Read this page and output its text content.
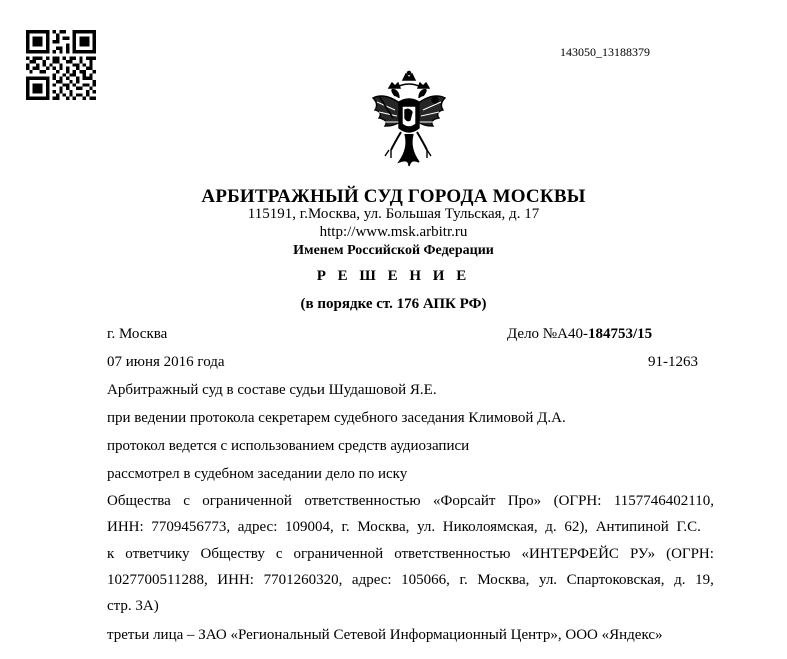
143050_13188379
АРБИТРАЖНЫЙ СУД ГОРОДА МОСКВЫ
115191, г.Москва, ул. Большая Тульская, д. 17
http://www.msk.arbitr.ru
Именем Российской Федерации
Р Е Ш Е Н И Е
(в порядке ст. 176 АПК РФ)
г. Москва	Дело №А40-184753/15
07 июня 2016 года	91-1263
Арбитражный суд в составе судьи Шудашовой Я.Е.
при ведении протокола секретарем судебного заседания Климовой Д.А.
протокол ведется с использованием средств аудиозаписи
рассмотрел в судебном заседании дело по иску
Общества с ограниченной ответственностью «Форсайт Про» (ОГРН: 1157746402110,
ИНН: 7709456773, адрес: 109004, г. Москва, ул. Николоямская, д. 62), Антипиной Г.С.
к ответчику Обществу с ограниченной ответственностью «ИНТЕРФЕЙС РУ» (ОГРН:
1027700511288, ИНН: 7701260320, адрес: 105066, г. Москва, ул. Спартоковская, д. 19,
стр. 3А)
третьи лица – ЗАО «Региональный Сетевой Информационный Центр», ООО «Яндекс»
